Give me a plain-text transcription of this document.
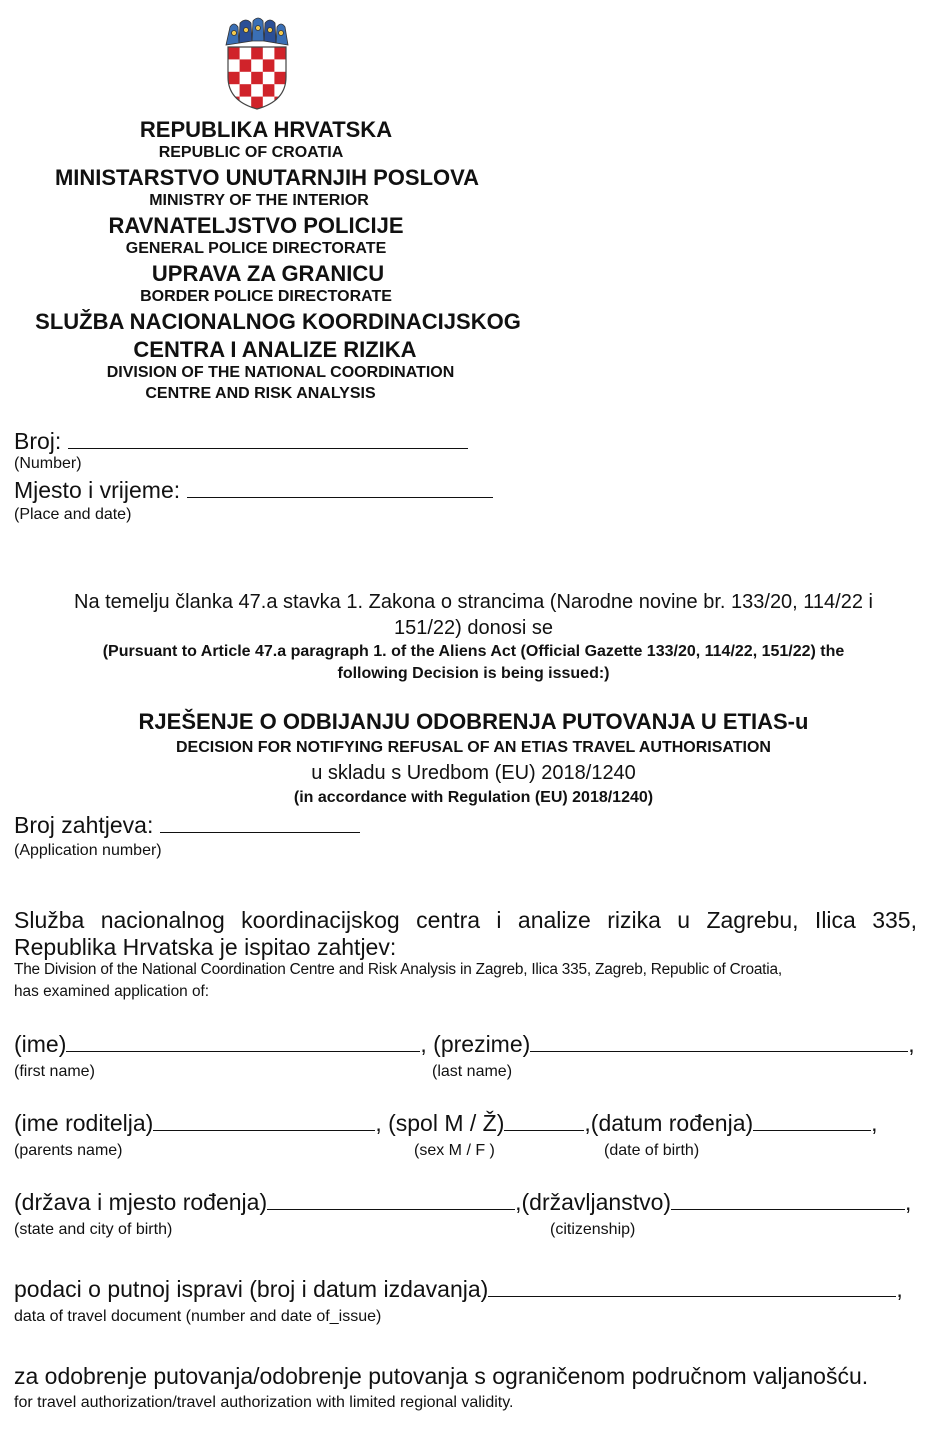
REPUBLIKA HRVATSKA
REPUBLIC OF CROATIA
MINISTARSTVO UNUTARNJIH POSLOVA
MINISTRY OF THE INTERIOR
RAVNATELJSTVO POLICIJE
GENERAL POLICE DIRECTORATE
UPRAVA ZA GRANICU
BORDER POLICE DIRECTORATE
SLUŽBA NACIONALNOG KOORDINACIJSKOG
CENTRA I ANALIZE RIZIKA
DIVISION OF THE NATIONAL COORDINATION
CENTRE AND RISK ANALYSIS
Broj:
(Number)
Mjesto i vrijeme:
(Place and date)
Na temelju članka 47.a stavka 1. Zakona o strancima (Narodne novine br. 133/20, 114/22 i
151/22) donosi se
(Pursuant to Article 47.a paragraph 1. of the Aliens Act (Official Gazette 133/20, 114/22, 151/22) the
following Decision is being issued:)
RJEŠENJE O ODBIJANJU ODOBRENJA PUTOVANJA U ETIAS-u
DECISION FOR NOTIFYING REFUSAL OF AN ETIAS TRAVEL AUTHORISATION
u skladu s Uredbom (EU) 2018/1240
(in accordance with Regulation (EU) 2018/1240)
Broj zahtjeva:
(Application number)
Služba nacionalnog koordinacijskog centra i analize rizika u Zagrebu, Ilica 335,
Republika Hrvatska je ispitao zahtjev:
The Division of the National Coordination Centre and Risk Analysis in Zagreb, Ilica 335, Zagreb, Republic of Croatia,
has examined application of:
(ime)	, (prezime)	,
(first name)	(last name)
(ime roditelja)	, (spol M / Ž)	,(datum rođenja)	,
(parents name)	(sex M / F )	(date of birth)
(država i mjesto rođenja)	,(državljanstvo)	,
(state and city of birth)	(citizenship)
podaci o putnoj ispravi (broj i datum izdavanja)	,
data of travel document (number and date of_issue)
za odobrenje putovanja/odobrenje putovanja s ograničenom područnom valjanošću.
for travel authorization/travel authorization with limited regional validity.
